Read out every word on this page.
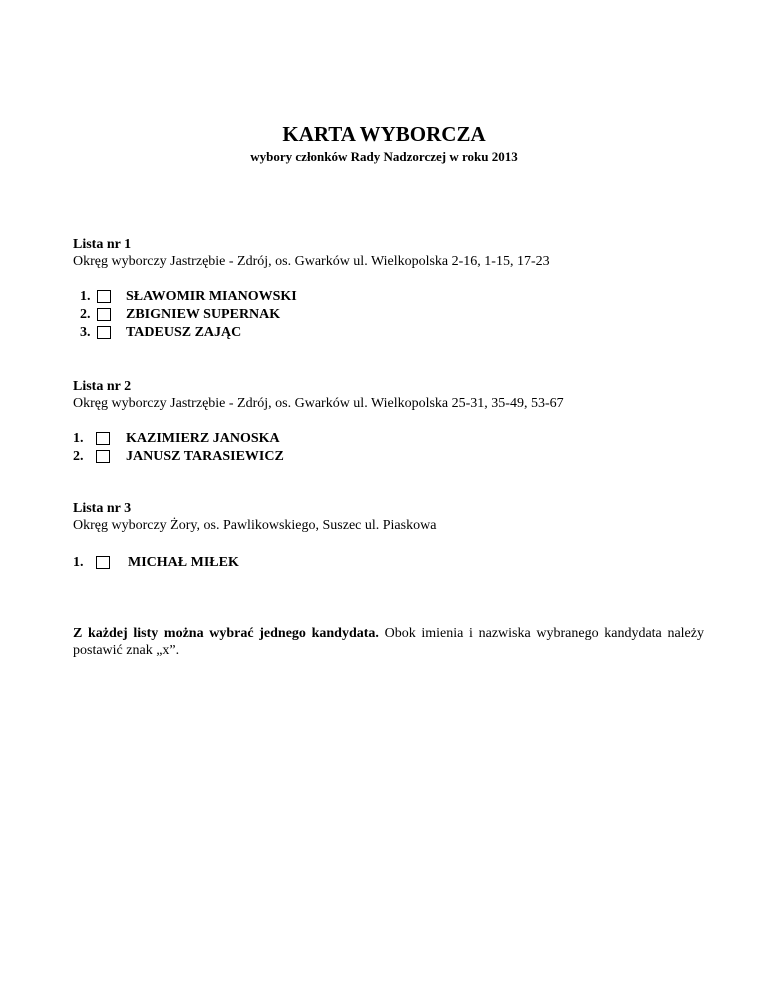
KARTA WYBORCZA
wybory członków Rady Nadzorczej w roku 2013
Lista nr 1
Okręg wyborczy Jastrzębie - Zdrój, os. Gwarków ul. Wielkopolska 2-16, 1-15, 17-23
1.	SŁAWOMIR MIANOWSKI
2.	ZBIGNIEW SUPERNAK
3.	TADEUSZ ZAJĄC
Lista nr 2
Okręg wyborczy Jastrzębie - Zdrój, os. Gwarków ul. Wielkopolska 25-31, 35-49, 53-67
1.	KAZIMIERZ JANOSKA
2.	JANUSZ TARASIEWICZ
Lista nr 3
Okręg wyborczy Żory, os. Pawlikowskiego, Suszec ul. Piaskowa
1.	MICHAŁ MIŁEK
Z każdej listy można wybrać jednego kandydata. Obok imienia i nazwiska wybranego kandydata należy postawić znak „x”.
